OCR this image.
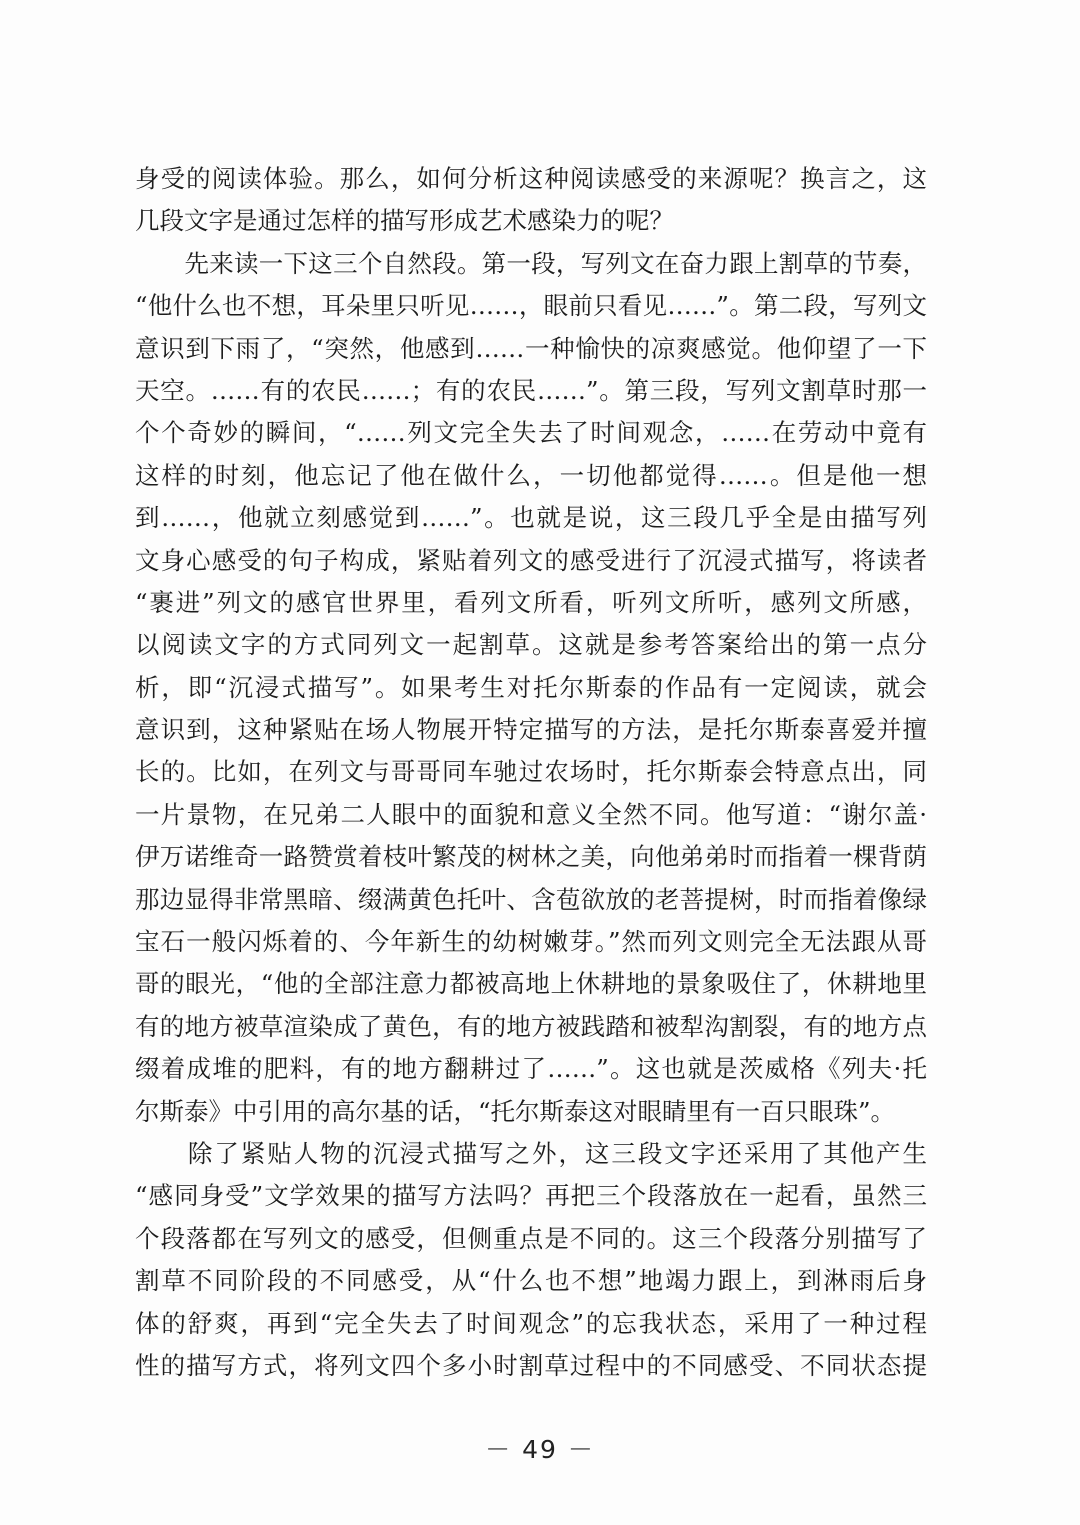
身受的阅读体验。那么，如何分析这种阅读感受的来源呢？换言之，这
几段文字是通过怎样的描写形成艺术感染力的呢？
　　先来读一下这三个自然段。第一段，写列文在奋力跟上割草的节奏，
“他什么也不想，耳朵里只听见……，眼前只看见……”。第二段，写列文
意识到下雨了，“突然，他感到……一种愉快的凉爽感觉。他仰望了一下
天空。……有的农民……；有的农民……”。第三段，写列文割草时那一
个个奇妙的瞬间，“……列文完全失去了时间观念，……在劳动中竟有
这样的时刻，他忘记了他在做什么，一切他都觉得……。但是他一想
到……，他就立刻感觉到……”。也就是说，这三段几乎全是由描写列
文身心感受的句子构成，紧贴着列文的感受进行了沉浸式描写，将读者
“裹进”列文的感官世界里，看列文所看，听列文所听，感列文所感，
以阅读文字的方式同列文一起割草。这就是参考答案给出的第一点分
析，即“沉浸式描写”。如果考生对托尔斯泰的作品有一定阅读，就会
意识到，这种紧贴在场人物展开特定描写的方法，是托尔斯泰喜爱并擅
长的。比如，在列文与哥哥同车驰过农场时，托尔斯泰会特意点出，同
一片景物，在兄弟二人眼中的面貌和意义全然不同。他写道：“谢尔盖·
伊万诺维奇一路赞赏着枝叶繁茂的树林之美，向他弟弟时而指着一棵背荫
那边显得非常黑暗、缀满黄色托叶、含苞欲放的老菩提树，时而指着像绿
宝石一般闪烁着的、今年新生的幼树嫩芽。”然而列文则完全无法跟从哥
哥的眼光，“他的全部注意力都被高地上休耕地的景象吸住了，休耕地里
有的地方被草渲染成了黄色，有的地方被践踏和被犁沟割裂，有的地方点
缀着成堆的肥料，有的地方翻耕过了……”。这也就是茨威格《列夫·托
尔斯泰》中引用的高尔基的话，“托尔斯泰这对眼睛里有一百只眼珠”。
　　除了紧贴人物的沉浸式描写之外，这三段文字还采用了其他产生
“感同身受”文学效果的描写方法吗？再把三个段落放在一起看，虽然三
个段落都在写列文的感受，但侧重点是不同的。这三个段落分别描写了
割草不同阶段的不同感受，从“什么也不想”地竭力跟上，到淋雨后身
体的舒爽，再到“完全失去了时间观念”的忘我状态，采用了一种过程
性的描写方式，将列文四个多小时割草过程中的不同感受、不同状态提
－ 49 －
